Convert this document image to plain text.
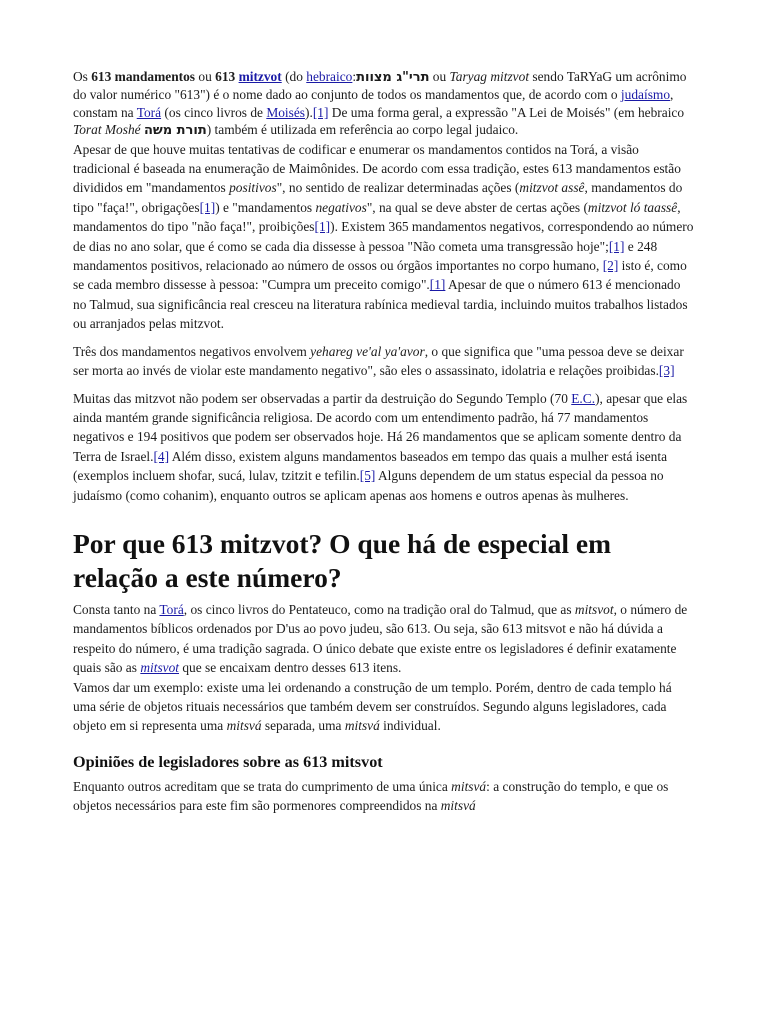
Os 613 mandamentos ou 613 mitzvot (do hebraico:תרי"ג מצוות ou Taryag mitzvot sendo TaRYaG um acrônimo do valor numérico "613") é o nome dado ao conjunto de todos os mandamentos que, de acordo com o judaísmo, constam na Torá (os cinco livros de Moisés).[1] De uma forma geral, a expressão "A Lei de Moisés" (em hebraico Torat Moshé תורת משה) também é utilizada em referência ao corpo legal judaico.

Apesar de que houve muitas tentativas de codificar e enumerar os mandamentos contidos na Torá, a visão tradicional é baseada na enumeração de Maimônides. De acordo com essa tradição, estes 613 mandamentos estão divididos em "mandamentos positivos", no sentido de realizar determinadas ações (mitzvot assê, mandamentos do tipo "faça!", obrigações[1]) e "mandamentos negativos", na qual se deve abster de certas ações (mitzvot ló taassê, mandamentos do tipo "não faça!", proibições[1]). Existem 365 mandamentos negativos, correspondendo ao número de dias no ano solar, que é como se cada dia dissesse à pessoa "Não cometa uma transgressão hoje";[1] e 248 mandamentos positivos, relacionado ao número de ossos ou órgãos importantes no corpo humano, [2] isto é, como se cada membro dissesse à pessoa: "Cumpra um preceito comigo".[1] Apesar de que o número 613 é mencionado no Talmud, sua significância real cresceu na literatura rabínica medieval tardia, incluindo muitos trabalhos listados ou arranjados pelas mitzvot.

Três dos mandamentos negativos envolvem yehareg ve'al ya'avor, o que significa que "uma pessoa deve se deixar ser morta ao invés de violar este mandamento negativo", são eles o assassinato, idolatria e relações proibidas.[3]

Muitas das mitzvot não podem ser observadas a partir da destruição do Segundo Templo (70 E.C.), apesar que elas ainda mantém grande significância religiosa. De acordo com um entendimento padrão, há 77 mandamentos negativos e 194 positivos que podem ser observados hoje. Há 26 mandamentos que se aplicam somente dentro da Terra de Israel.[4] Além disso, existem alguns mandamentos baseados em tempo das quais a mulher está isenta (exemplos incluem shofar, sucá, lulav, tzitzit e tefilin.[5] Alguns dependem de um status especial da pessoa no judaísmo (como cohanim), enquanto outros se aplicam apenas aos homens e outros apenas às mulheres.

Por que 613 mitzvot? O que há de especial em relação a este número?

Consta tanto na Torá, os cinco livros do Pentateuco, como na tradição oral do Talmud, que as mitsvot, o número de mandamentos bíblicos ordenados por D'us ao povo judeu, são 613. Ou seja, são 613 mitsvot e não há dúvida a respeito do número, é uma tradição sagrada. O único debate que existe entre os legisladores é definir exatamente quais são as mitsvot que se encaixam dentro desses 613 itens.

Vamos dar um exemplo: existe uma lei ordenando a construção de um templo. Porém, dentro de cada templo há uma série de objetos rituais necessários que também devem ser construídos. Segundo alguns legisladores, cada objeto em si representa uma mitsvá separada, uma mitsvá individual.

Opiniões de legisladores sobre as 613 mitsvot

Enquanto outros acreditam que se trata do cumprimento de uma única mitsvá: a construção do templo, e que os objetos necessários para este fim são pormenores compreendidos na mitsvá
